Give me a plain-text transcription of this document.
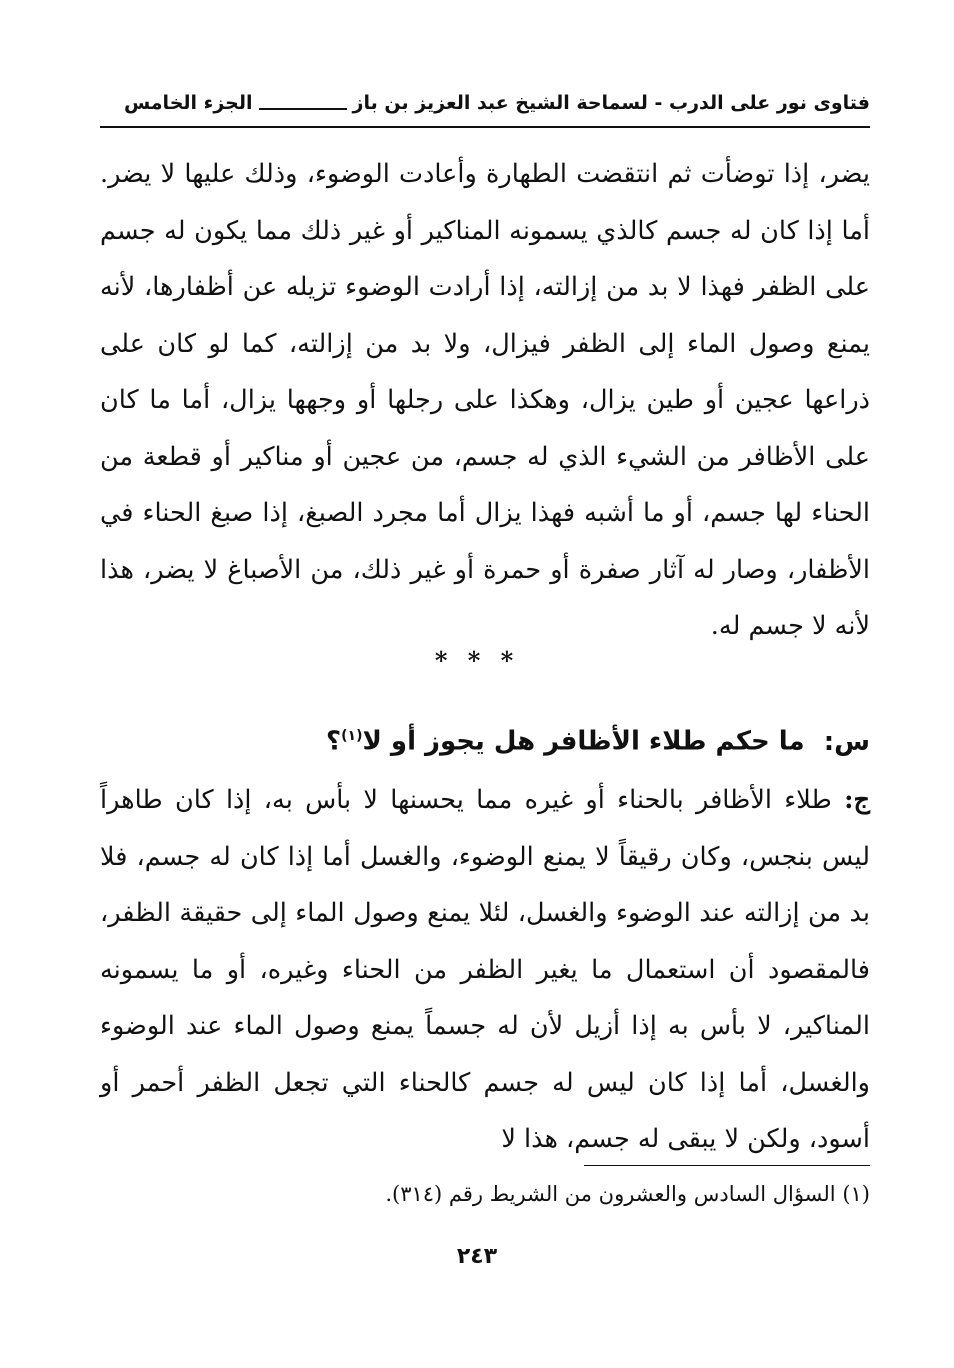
فتاوى نور على الدرب - لسماحة الشيخ عبد العزيز بن باز
الجزء الخامس

يضر، إذا توضأت ثم انتقضت الطهارة وأعادت الوضوء، وذلك عليها لا يضر. أما إذا كان له جسم كالذي يسمونه المناكير أو غير ذلك مما يكون له جسم على الظفر فهذا لا بد من إزالته، إذا أرادت الوضوء تزيله عن أظفارها، لأنه يمنع وصول الماء إلى الظفر فيزال، ولا بد من إزالته، كما لو كان على ذراعها عجين أو طين يزال، وهكذا على رجلها أو وجهها يزال، أما ما كان على الأظافر من الشيء الذي له جسم، من عجين أو مناكير أو قطعة من الحناء لها جسم، أو ما أشبه فهذا يزال أما مجرد الصبغ، إذا صبغ الحناء في الأظفار، وصار له آثار صفرة أو حمرة أو غير ذلك، من الأصباغ لا يضر، هذا لأنه لا جسم له.

* * *
س: ما حكم طلاء الأظافر هل يجوز أو لا$^{(١)}$؟

ج: طلاء الأظافر بالحناء أو غيره مما يحسنها لا بأس به، إذا كان طاهراً ليس بنجس، وكان رقيقاً لا يمنع الوضوء، والغسل أما إذا كان له جسم، فلا بد من إزالته عند الوضوء والغسل، لئلا يمنع وصول الماء إلى حقيقة الظفر، فالمقصود أن استعمال ما يغير الظفر من الحناء وغيره، أو ما يسمونه المناكير، لا بأس به إذا أزيل لأن له جسماً يمنع وصول الماء عند الوضوء والغسل، أما إذا كان ليس له جسم كالحناء التي تجعل الظفر أحمر أو أسود، ولكن لا يبقى له جسم، هذا لا

(١) السؤال السادس والعشرون من الشريط رقم (٣١٤).
٢٤٣
